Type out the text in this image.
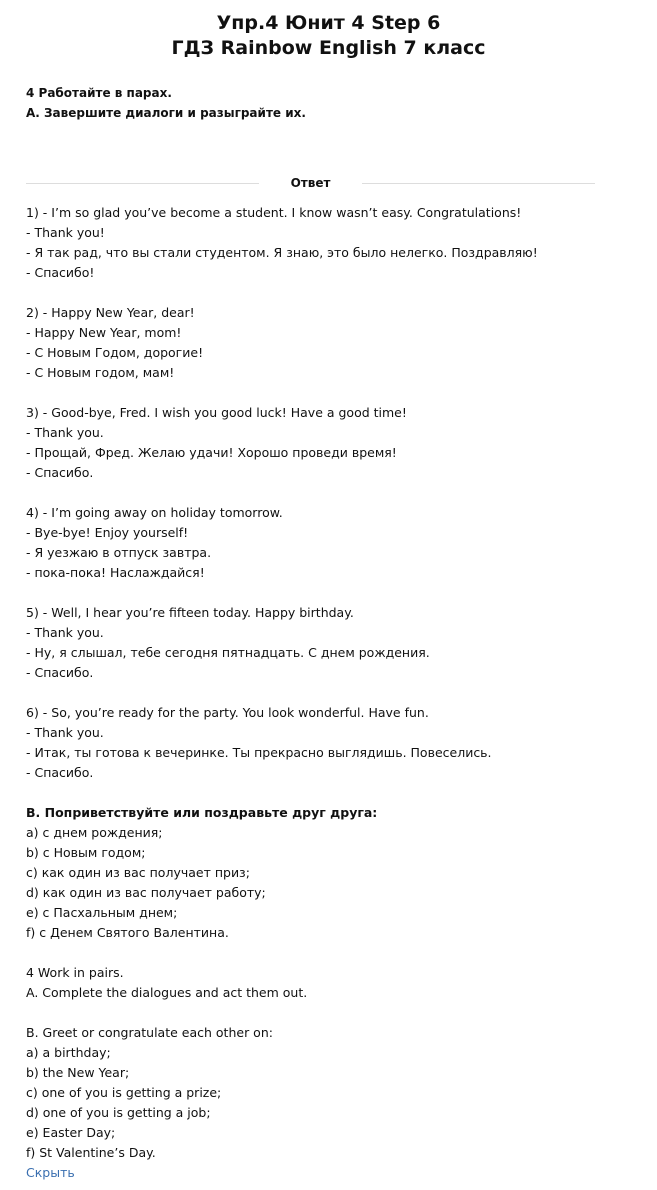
Упр.4 Юнит 4 Step 6
ГДЗ Rainbow English 7 класс
4 Работайте в парах.
А. Завершите диалоги и разыграйте их.
Ответ
1) - I’m so glad you’ve become a student. I know wasn’t easy. Congratulations!
- Thank you!
- Я так рад, что вы стали студентом. Я знаю, это было нелегко. Поздравляю!
- Спасибо!
2) - Happy New Year, dear!
- Happy New Year, mom!
- С Новым Годом, дорогие!
- С Новым годом, мам!
3) - Good-bye, Fred. I wish you good luck! Have a good time!
- Thank you.
- Прощай, Фред. Желаю удачи! Хорошо проведи время!
- Спасибо.
4) - I’m going away on holiday tomorrow.
- Bye-bye! Enjoy yourself!
- Я уезжаю в отпуск завтра.
- пока-пока! Наслаждайся!
5) - Well, I hear you’re fifteen today. Happy birthday.
- Thank you.
- Ну, я слышал, тебе сегодня пятнадцать. С днем рождения.
- Спасибо.
6) - So, you’re ready for the party. You look wonderful. Have fun.
- Thank you.
- Итак, ты готова к вечеринке. Ты прекрасно выглядишь. Повеселись.
- Спасибо.
В. Поприветствуйте или поздравьте друг друга:
а) с днем рождения;
b) с Новым годом;
c) как один из вас получает приз;
d) как один из вас получает работу;
e) с Пасхальным днем;
f) с Денем Святого Валентина.
4 Work in pairs.
A. Complete the dialogues and act them out.
B. Greet or congratulate each other on:
a) a birthday;
b) the New Year;
c) one of you is getting a prize;
d) one of you is getting a job;
e) Easter Day;
f) St Valentine’s Day.
Скрыть
